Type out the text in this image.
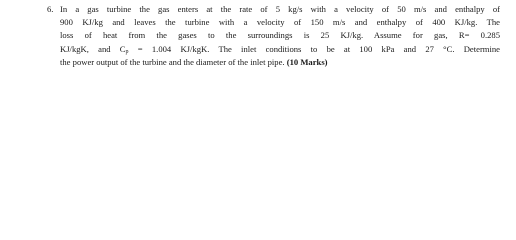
6. In a gas turbine the gas enters at the rate of 5 kg/s with a velocity of 50 m/s and enthalpy of
900 KJ/kg and leaves the turbine with a velocity of 150 m/s and enthalpy of 400 KJ/kg. The
loss of heat from the gases to the surroundings is 25 KJ/kg. Assume for gas, R= 0.285
KJ/kgK, and $C_p = 1.004$ KJ/kgK. The inlet conditions to be at 100 kPa and 27 °C. Determine
the power output of the turbine and the diameter of the inlet pipe. (10 Marks)
